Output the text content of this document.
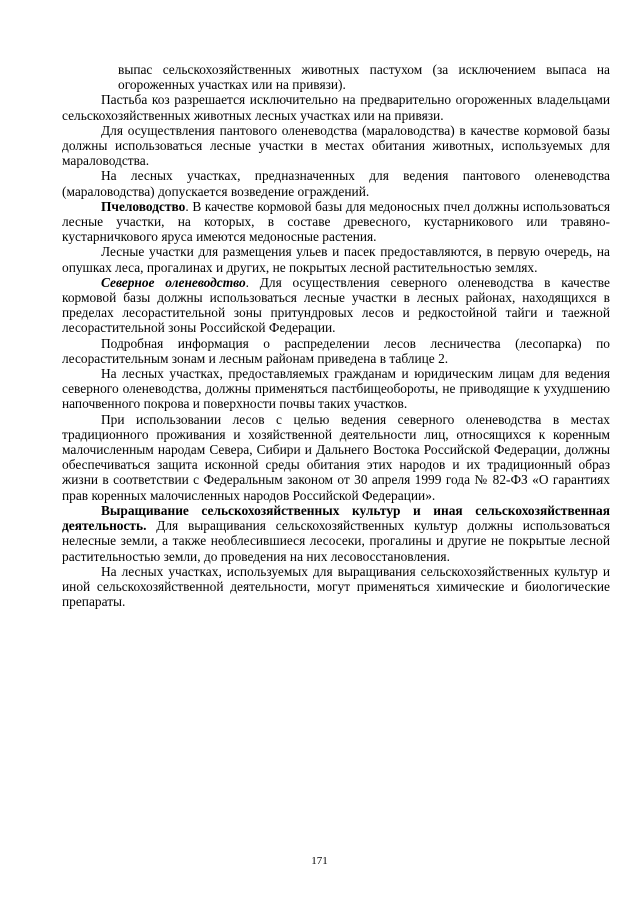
выпас сельскохозяйственных животных пастухом (за исключением выпаса на огороженных участках или на привязи).

Пастьба коз разрешается исключительно на предварительно огороженных владельцами сельскохозяйственных животных лесных участках или на привязи.

Для осуществления пантового оленеводства (мараловодства) в качестве кормовой базы должны использоваться лесные участки в местах обитания животных, используемых для мараловодства.

На лесных участках, предназначенных для ведения пантового оленеводства (мараловодства) допускается возведение ограждений.

Пчеловодство. В качестве кормовой базы для медоносных пчел должны использоваться лесные участки, на которых, в составе древесного, кустарникового или травяно-кустарничкового яруса имеются медоносные растения.

Лесные участки для размещения ульев и пасек предоставляются, в первую очередь, на опушках леса, прогалинах и других, не покрытых лесной растительностью землях.

Северное оленеводство. Для осуществления северного оленеводства в качестве кормовой базы должны использоваться лесные участки в лесных районах, находящихся в пределах лесорастительной зоны притундровых лесов и редкостойной тайги и таежной лесорастительной зоны Российской Федерации.

Подробная информация о распределении лесов лесничества (лесопарка) по лесорастительным зонам и лесным районам приведена в таблице 2.

На лесных участках, предоставляемых гражданам и юридическим лицам для ведения северного оленеводства, должны применяться пастбищеобороты, не приводящие к ухудшению напочвенного покрова и поверхности почвы таких участков.

При использовании лесов с целью ведения северного оленеводства в местах традиционного проживания и хозяйственной деятельности лиц, относящихся к коренным малочисленным народам Севера, Сибири и Дальнего Востока Российской Федерации, должны обеспечиваться защита исконной среды обитания этих народов и их традиционный образ жизни в соответствии с Федеральным законом от 30 апреля 1999 года № 82-ФЗ «О гарантиях прав коренных малочисленных народов Российской Федерации».

Выращивание сельскохозяйственных культур и иная сельскохозяйственная деятельность. Для выращивания сельскохозяйственных культур должны использоваться нелесные земли, а также необлесившиеся лесосеки, прогалины и другие не покрытые лесной растительностью земли, до проведения на них лесовосстановления.

На лесных участках, используемых для выращивания сельскохозяйственных культур и иной сельскохозяйственной деятельности, могут применяться химические и биологические препараты.

171
